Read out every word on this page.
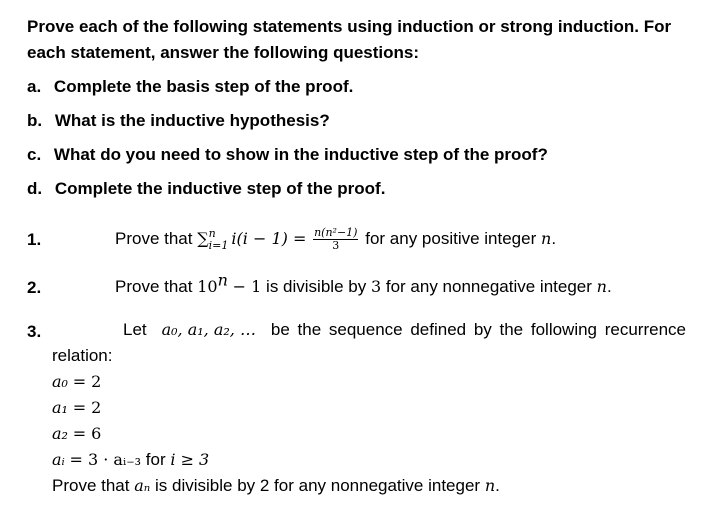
Prove each of the following statements using induction or strong induction. For
each statement, answer the following questions:
a. Complete the basis step of the proof.
b. What is the inductive hypothesis?
c. What do you need to show in the inductive step of the proof?
d. Complete the inductive step of the proof.
1.	Prove that ∑ n
i=1 $i(i - 1) = \frac{\text{n(n²−1)}}{3}$ for any positive integer n.
2.	Prove that $10^n - 1$ is divisible by 3 for any nonnegative integer n.
3.	Let a₀, a₁, a₂, … be the sequence defined by the following recurrence
relation:
a₀ = 2
a₁ = 2
a₂ = 6
aᵢ = 3 · aᵢ₋₃ for i ≥ 3
Prove that aₙ is divisible by 2 for any nonnegative integer n.
